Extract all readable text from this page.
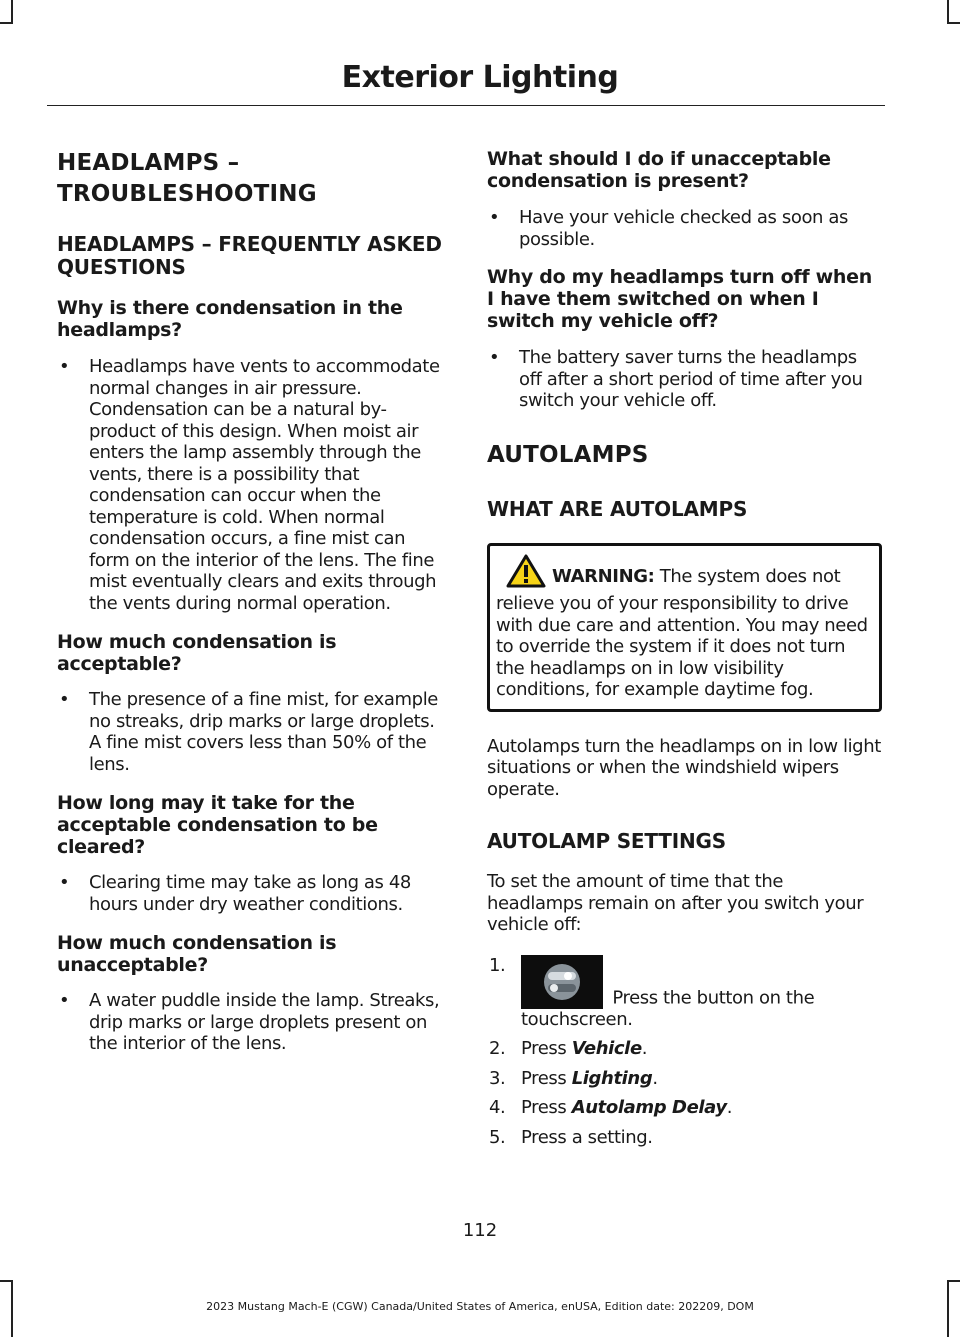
Exterior Lighting
HEADLAMPS –
TROUBLESHOOTING
HEADLAMPS – FREQUENTLY ASKED QUESTIONS
Why is there condensation in the headlamps?
• Headlamps have vents to accommodate normal changes in air pressure. Condensation can be a natural by-product of this design. When moist air enters the lamp assembly through the vents, there is a possibility that condensation can occur when the temperature is cold. When normal condensation occurs, a fine mist can form on the interior of the lens. The fine mist eventually clears and exits through the vents during normal operation.
How much condensation is acceptable?
• The presence of a fine mist, for example no streaks, drip marks or large droplets. A fine mist covers less than 50% of the lens.
How long may it take for the acceptable condensation to be cleared?
• Clearing time may take as long as 48 hours under dry weather conditions.
How much condensation is unacceptable?
• A water puddle inside the lamp. Streaks, drip marks or large droplets present on the interior of the lens.
What should I do if unacceptable condensation is present?
• Have your vehicle checked as soon as possible.
Why do my headlamps turn off when I have them switched on when I switch my vehicle off?
• The battery saver turns the headlamps off after a short period of time after you switch your vehicle off.
AUTOLAMPS
WHAT ARE AUTOLAMPS
WARNING: The system does not relieve you of your responsibility to drive with due care and attention. You may need to override the system if it does not turn the headlamps on in low visibility conditions, for example daytime fog.
Autolamps turn the headlamps on in low light situations or when the windshield wipers operate.
AUTOLAMP SETTINGS
To set the amount of time that the headlamps remain on after you switch your vehicle off:
1.
Press the button on the touchscreen.
2. Press Vehicle.
3. Press Lighting.
4. Press Autolamp Delay.
5. Press a setting.
112
2023 Mustang Mach-E (CGW) Canada/United States of America, enUSA, Edition date: 202209, DOM
